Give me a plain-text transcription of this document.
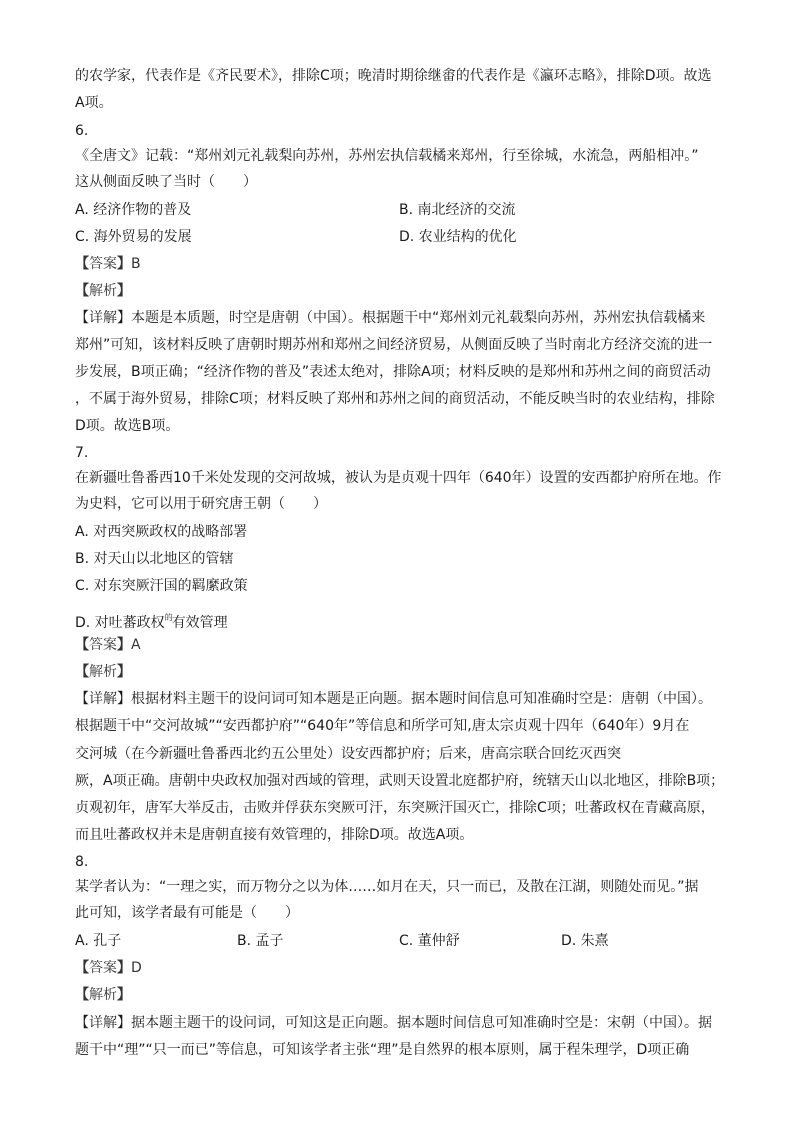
的农学家，代表作是《齐民要术》，排除C项；晚清时期徐继畬的代表作是《瀛环志略》，排除D项。故选
A项。
6.
《全唐文》记载：“郑州刘元礼载梨向苏州，苏州宏执信载橘来郑州，行至徐城，水流急，两船相冲。”
这从侧面反映了当时（　　）
A. 经济作物的普及	B. 南北经济的交流
C. 海外贸易的发展	D. 农业结构的优化
【答案】B
【解析】
【详解】本题是本质题，时空是唐朝（中国）。根据题干中“郑州刘元礼载梨向苏州，苏州宏执信载橘来
郑州”可知，该材料反映了唐朝时期苏州和郑州之间经济贸易，从侧面反映了当时南北方经济交流的进一
步发展，B项正确；“经济作物的普及”表述太绝对，排除A项；材料反映的是郑州和苏州之间的商贸活动
，不属于海外贸易，排除C项；材料反映了郑州和苏州之间的商贸活动，不能反映当时的农业结构，排除
D项。故选B项。
7.
在新疆吐鲁番西10千米处发现的交河故城，被认为是贞观十四年（640年）设置的安西都护府所在地。作
为史料，它可以用于研究唐王朝（　　）
A. 对西突厥政权的战略部署
B. 对天山以北地区的管辖
C. 对东突厥汗国的羁縻政策
D. 对吐蕃政权$^的$有效管理
【答案】A
【解析】
【详解】根据材料主题干的设问词可知本题是正向题。据本题时间信息可知准确时空是：唐朝（中国）。
根据题干中“交河故城”“安西都护府”“640年”等信息和所学可知,唐太宗贞观十四年（640年）9月在
交河城（在今新疆吐鲁番西北约五公里处）设安西都护府；后来，唐高宗联合回纥灭西突
厥，A项正确。唐朝中央政权加强对西域的管理，武则天设置北庭都护府，统辖天山以北地区，排除B项；
贞观初年，唐军大举反击，击败并俘获东突厥可汗，东突厥汗国灭亡，排除C项；吐蕃政权在青藏高原，
而且吐蕃政权并未是唐朝直接有效管理的，排除D项。故选A项。
8.
某学者认为：“一理之实，而万物分之以为体……如月在天，只一而已，及散在江湖，则随处而见。”据
此可知，该学者最有可能是（　　）
A. 孔子	B. 孟子	C. 董仲舒	D. 朱熹
【答案】D
【解析】
【详解】据本题主题干的设问词，可知这是正向题。据本题时间信息可知准确时空是：宋朝（中国）。据
题干中“理”“只一而已”等信息，可知该学者主张“理”是自然界的根本原则，属于程朱理学，D项正确
